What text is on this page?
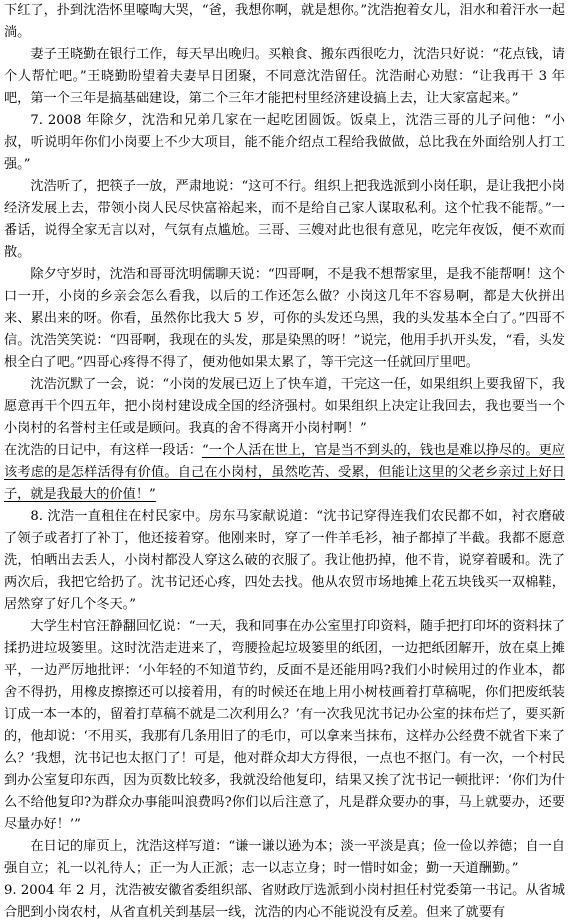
下红了，扑到沈浩怀里嚎啕大哭，“爸，我想你啊，就是想你。”沈浩抱着女儿，泪水和着汗水一起淌。

妻子王晓勤在银行工作，每天早出晚归。买粮食、搬东西很吃力，沈浩只好说：“花点钱，请个人帮忙吧。”王晓勤盼望着夫妻早日团聚，不同意沈浩留任。沈浩耐心劝慰：“让我再干 3 年吧，第一个三年是搞基础建设，第二个三年才能把村里经济建设搞上去，让大家富起来。”

7. 2008 年除夕，沈浩和兄弟几家在一起吃团圆饭。饭桌上，沈浩三哥的儿子问他：“小叔，听说明年你们小岗要上不少大项目，能不能介绍点工程给我做做，总比我在外面给别人打工强。”

沈浩听了，把筷子一放，严肃地说：“这可不行。组织上把我选派到小岗任职，是让我把小岗经济发展上去，带领小岗人民尽快富裕起来，而不是给自己家人谋取私利。这个忙我不能帮。”一番话，说得全家无言以对，气氛有点尴尬。三哥、三嫂对此也很有意见，吃完年夜饭，便不欢而散。

除夕守岁时，沈浩和哥哥沈明儒聊天说：“四哥啊，不是我不想帮家里，是我不能帮啊！这个口一开，小岗的乡亲会怎么看我，以后的工作还怎么做？小岗这几年不容易啊，都是大伙拼出来、累出来的呀。你看，虽然你比我大 5 岁，可你的头发还乌黑，我的头发基本全白了。”四哥不信。沈浩笑笑说：“四哥啊，我现在的头发，那是染黑的呀！”说完，他用手扒开头发，“看，头发根全白了吧。”四哥心疼得不得了，便劝他如果太累了，等干完这一任就回厅里吧。

沈浩沉默了一会，说：“小岗的发展已迈上了快车道，干完这一任，如果组织上要我留下，我愿意再干个四五年，把小岗村建设成全国的经济强村。如果组织上决定让我回去，我也要当一个小岗村的名誉村主任或是顾问。我真的舍不得离开小岗村啊！”

在沈浩的日记中，有这样一段话：“一个人活在世上，官是当不到头的，钱也是难以挣尽的。更应该考虑的是怎样活得有价值。自己在小岗村，虽然吃苦、受累，但能让这里的父老乡亲过上好日子，就是我最大的价值！”

8. 沈浩一直租住在村民家中。房东马家献说道：“沈书记穿得连我们农民都不如，衬衣磨破了领子或者打了补丁，他还接着穿。他刚来时，穿了一件羊毛衫，袖子都掉了半截。我都不愿意洗，怕晒出去丢人，小岗村都没人穿这么破的衣服了。我让他扔掉，他不肯，说穿着暖和。洗了两次后，我把它给扔了。沈书记还心疼，四处去找。他从农贸市场地摊上花五块钱买一双棉鞋，居然穿了好几个冬天。”

大学生村官汪静翻回忆说：“一天，我和同事在办公室里打印资料，随手把打印坏的资料抹了揉扔进垃圾篓里。这时沈浩走进来了，弯腰捡起垃圾篓里的纸团，一边把纸团解开，放在桌上摊平，一边严厉地批评：‘小年轻的不知道节约，反面不是还能用吗?我们小时候用过的作业本，都舍不得扔，用橡皮擦擦还可以接着用，有的时候还在地上用小树枝画着打草稿呢，你们把废纸装订成一本一本的，留着打草稿不就是二次利用么？’有一次我见沈书记办公室的抹布烂了，要买新的，他却说：‘不用买，我那有几条用旧了的毛巾，可以拿来当抹布，这样办公经费不就省下来了么？’我想，沈书记也太抠门了！可是，他对群众却大方得很，一点也不抠门。有一次，一个村民到办公室复印东西，因为页数比较多，我就没给他复印，结果又挨了沈书记一顿批评：‘你们为什么不给他复印?为群众办事能叫浪费吗?你们以后注意了，凡是群众要办的事，马上就要办，还要尽量办好！’”

在日记的扉页上，沈浩这样写道：“谦一谦以逊为本；淡一平淡是真；俭一俭以养德；自一自强自立；礼一以礼待人；正一为人正派；志一以志立身；时一惜时如金；勤一天道酬勤。”

9. 2004 年 2 月，沈浩被安徽省委组织部、省财政厅选派到小岗村担任村党委第一书记。从省城合肥到小岗农村，从省直机关到基层一线，沈浩的内心不能说没有反差。但来了就要有
